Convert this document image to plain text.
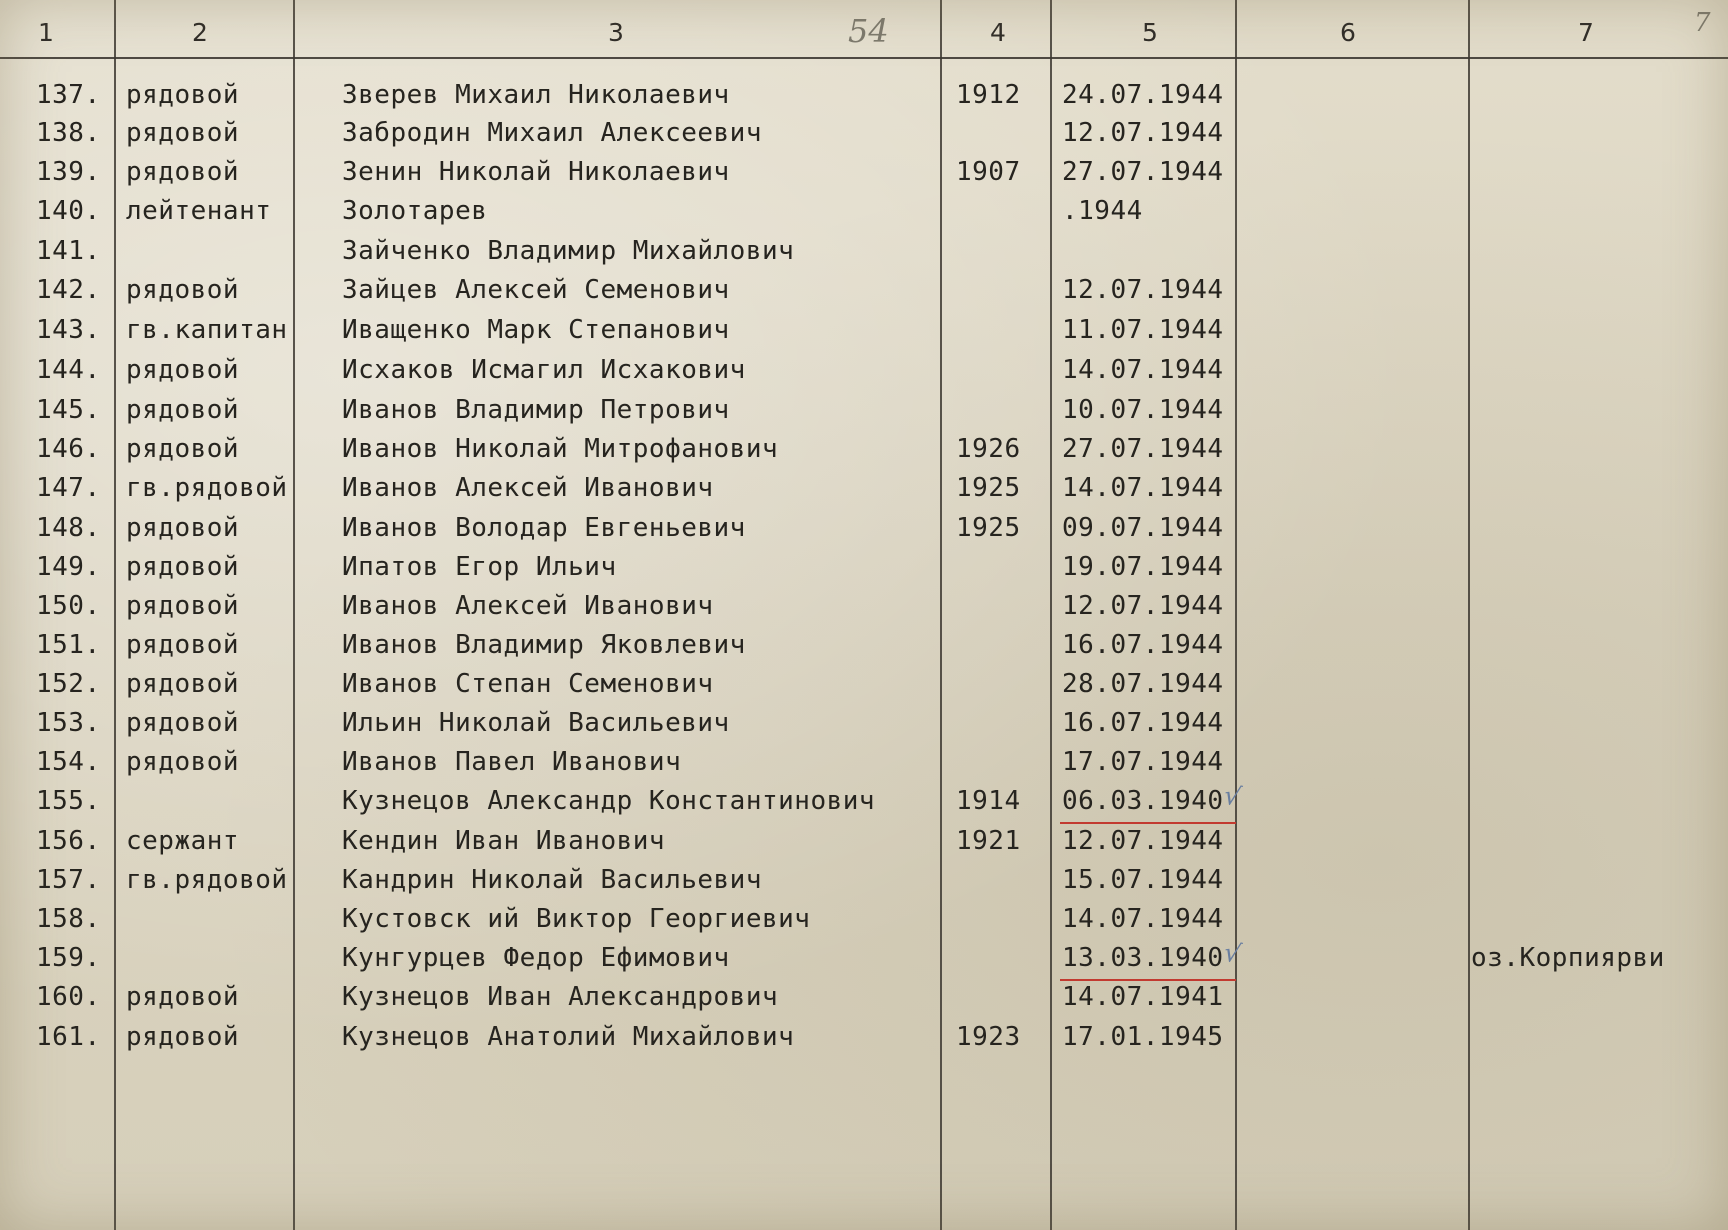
1	2	3	4	5	6	7
54	7
137. рядовой	Зверев Михаил Николаевич	1912 24.07.1944
138. рядовой	Забродин Михаил Алексеевич	12.07.1944
139. рядовой	Зенин Николай Николаевич	1907 27.07.1944
140. лейтенант	Золотарев	.1944
141.	Зайченко Владимир Михайлович
142. рядовой	Зайцев Алексей Семенович	12.07.1944
143. гв.капитан Иващенко Марк Степанович	11.07.1944
144. рядовой	Исхаков Исмагил Исхакович	14.07.1944
145. рядовой	Иванов Владимир Петрович	10.07.1944
146. рядовой	Иванов Николай Митрофанович	1926 27.07.1944
147. гв.рядовой Иванов Алексей Иванович	1925 14.07.1944
148. рядовой	Иванов Володар Евгеньевич	1925 09.07.1944
149. рядовой	Ипатов Егор Ильич	19.07.1944
150. рядовой	Иванов Алексей Иванович	12.07.1944
151. рядовой	Иванов Владимир Яковлевич	16.07.1944
152. рядовой	Иванов Степан Семенович	28.07.1944
153. рядовой	Ильин Николай Васильевич	16.07.1944
154. рядовой	Иванов Павел Иванович	17.07.1944
155.	Кузнецов Александр Константинович	1914 06.03.1940
√
156. сержант	Кендин Иван Иванович	1921 12.07.1944
157. гв.рядовой Кандрин Николай Васильевич	15.07.1944
158.	Кустовск ий Виктор Георгиевич	14.07.1944
159.	Кунгурцев Федор Ефимович	13.03.1940	оз.Корпиярви
√
160. рядовой	Кузнецов Иван Александрович	14.07.1941
161. рядовой	Кузнецов Анатолий Михайлович	1923 17.01.1945
